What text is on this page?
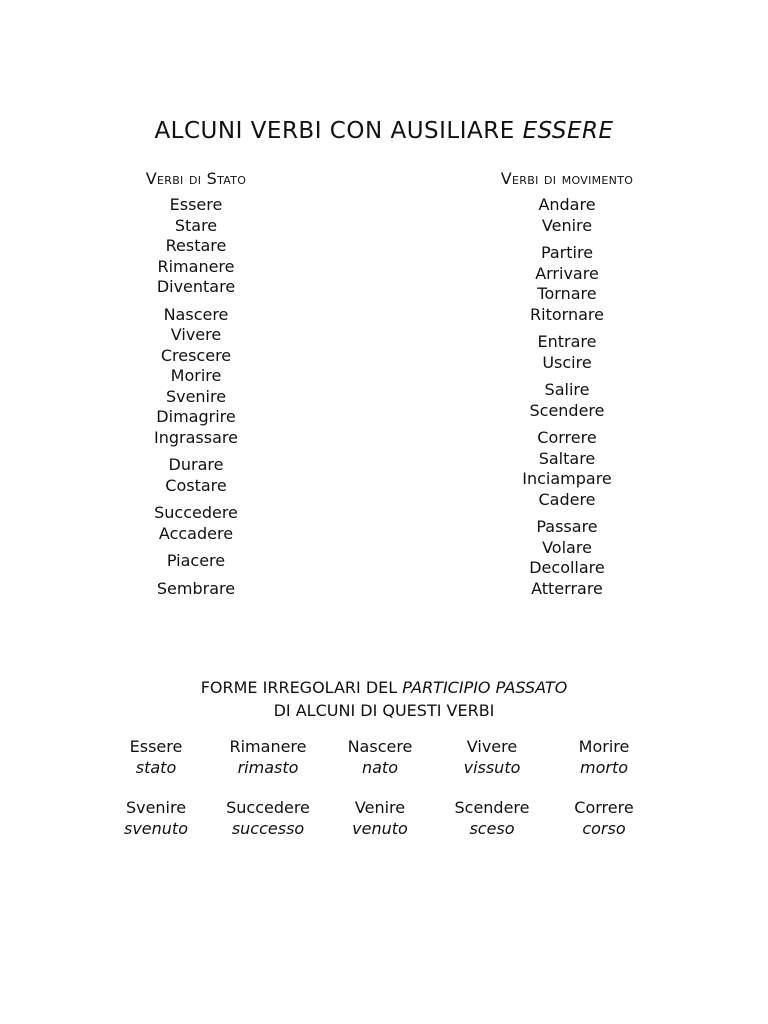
ALCUNI VERBI CON AUSILIARE ESSERE
Verbi di Stato
Essere
Stare
Restare
Rimanere
Diventare
Nascere
Vivere
Crescere
Morire
Svenire
Dimagrire
Ingrassare
Durare
Costare
Succedere
Accadere
Piacere
Sembrare
Verbi di movimento
Andare
Venire
Partire
Arrivare
Tornare
Ritornare
Entrare
Uscire
Salire
Scendere
Correre
Saltare
Inciampare
Cadere
Passare
Volare
Decollare
Atterrare
FORME IRREGOLARI DEL PARTICIPIO PASSATO
DI ALCUNI DI QUESTI VERBI
Essere
stato
Rimanere
rimasto
Nascere
nato
Vivere
vissuto
Morire
morto
Svenire
svenuto
Succedere
successo
Venire
venuto
Scendere
sceso
Correre
corso
